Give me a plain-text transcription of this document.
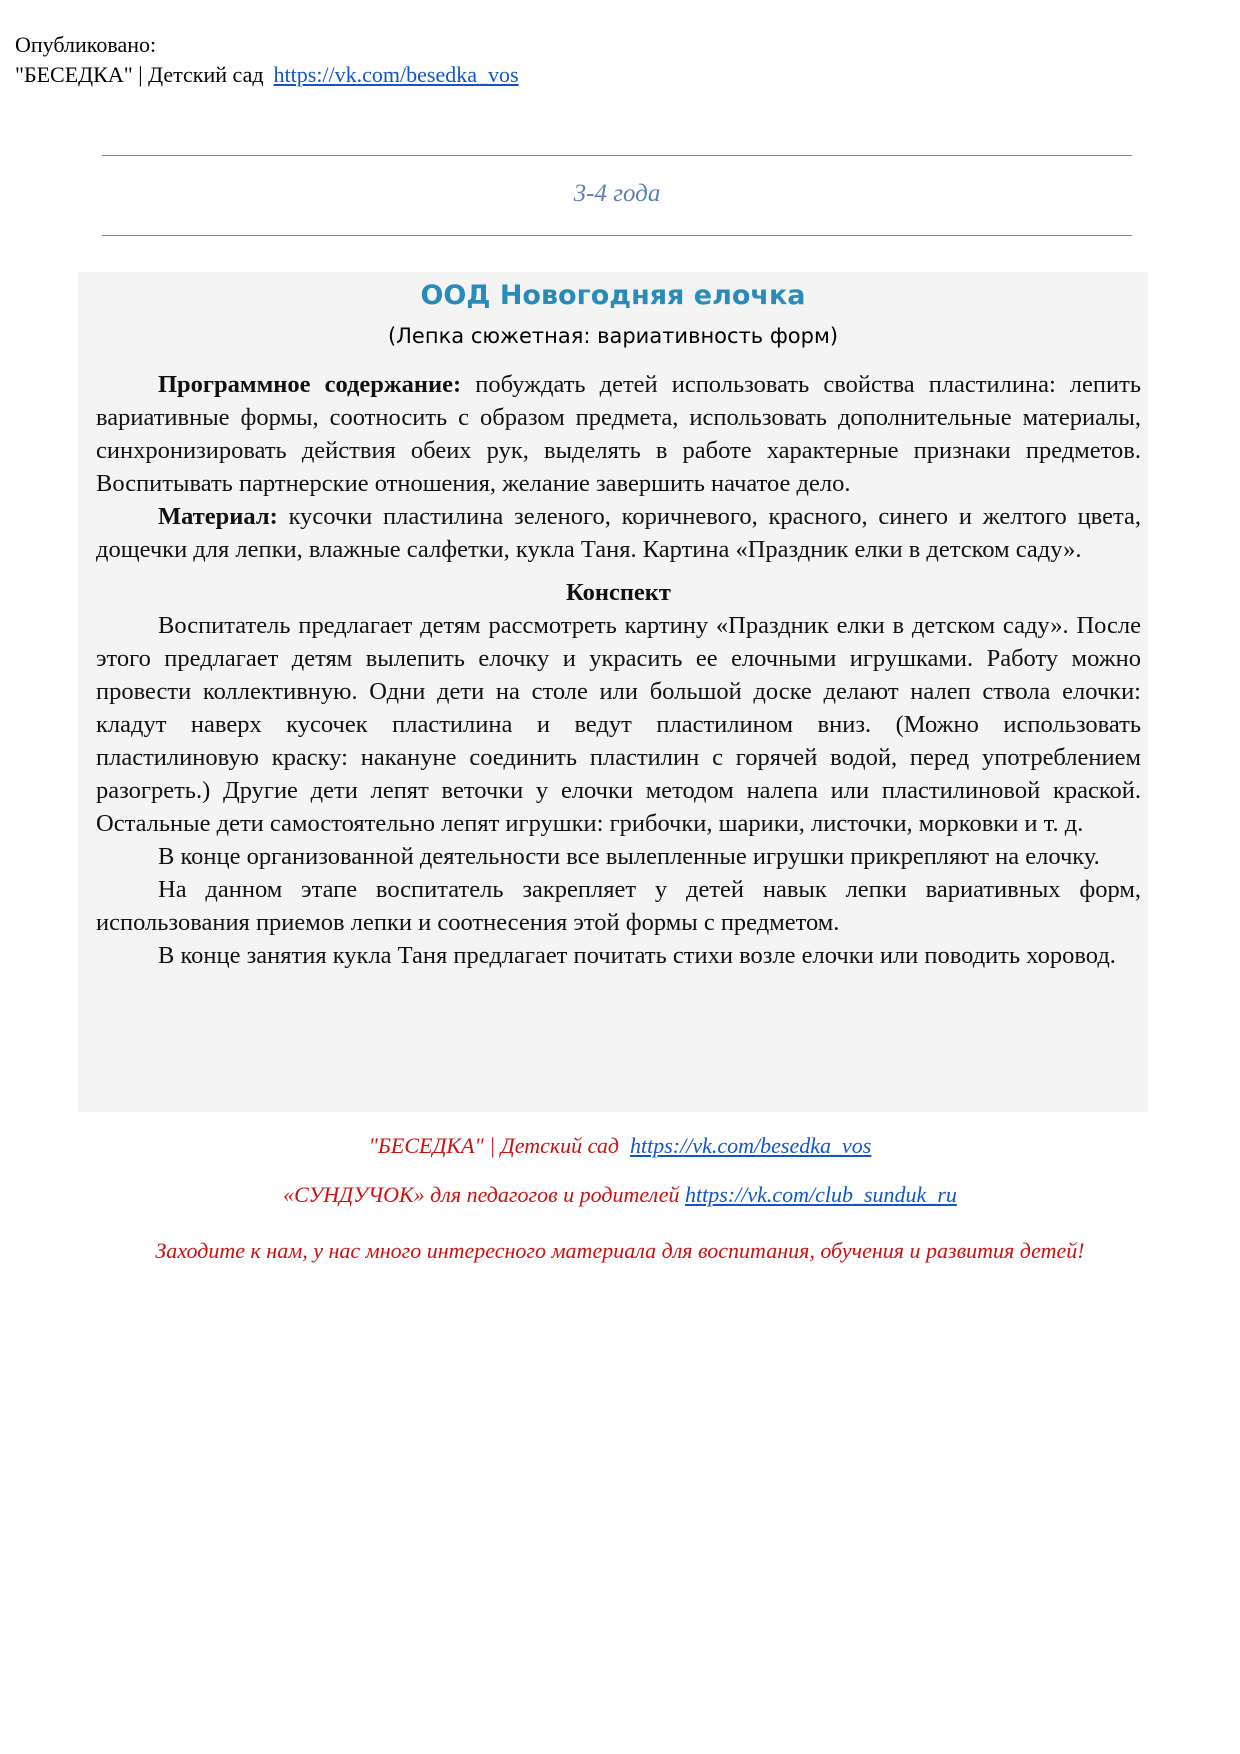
Опубликовано:
"БЕСЕДКА" | Детский сад https://vk.com/besedka_vos
3-4 года
ООД Новогодняя елочка
(Лепка сюжетная: вариативность форм)

Программное содержание: побуждать детей использовать свойства пластилина: лепить вариативные формы, соотносить с образом предмета, использовать дополнительные материалы, синхронизировать действия обеих рук, выделять в работе характерные признаки предметов. Воспитывать партнерские отношения, желание завершить начатое дело.

Материал: кусочки пластилина зеленого, коричневого, красного, синего и желтого цвета, дощечки для лепки, влажные салфетки, кукла Таня. Картина «Праздник елки в детском саду».

Конспект

Воспитатель предлагает детям рассмотреть картину «Праздник елки в детском саду». После этого предлагает детям вылепить елочку и украсить ее елочными игрушками. Работу можно провести коллективную. Одни дети на столе или большой доске делают налеп ствола елочки: кладут наверх кусочек пластилина и ведут пластилином вниз. (Можно использовать пластилиновую краску: накануне соединить пластилин с горячей водой, перед употреблением разогреть.) Другие дети лепят веточки у елочки методом налепа или пластилиновой краской. Остальные дети самостоятельно лепят игрушки: грибочки, шарики, листочки, морковки и т. д.

В конце организованной деятельности все вылепленные игрушки прикрепляют на елочку.

На данном этапе воспитатель закрепляет у детей навык лепки вариативных форм, использования приемов лепки и соотнесения этой формы с предметом.

В конце занятия кукла Таня предлагает почитать стихи возле елочки или поводить хоровод.

"БЕСЕДКА" | Детский сад https://vk.com/besedka_vos
«СУНДУЧОК» для педагогов и родителей https://vk.com/club_sunduk_ru
Заходите к нам, у нас много интересного материала для воспитания, обучения и развития детей!
